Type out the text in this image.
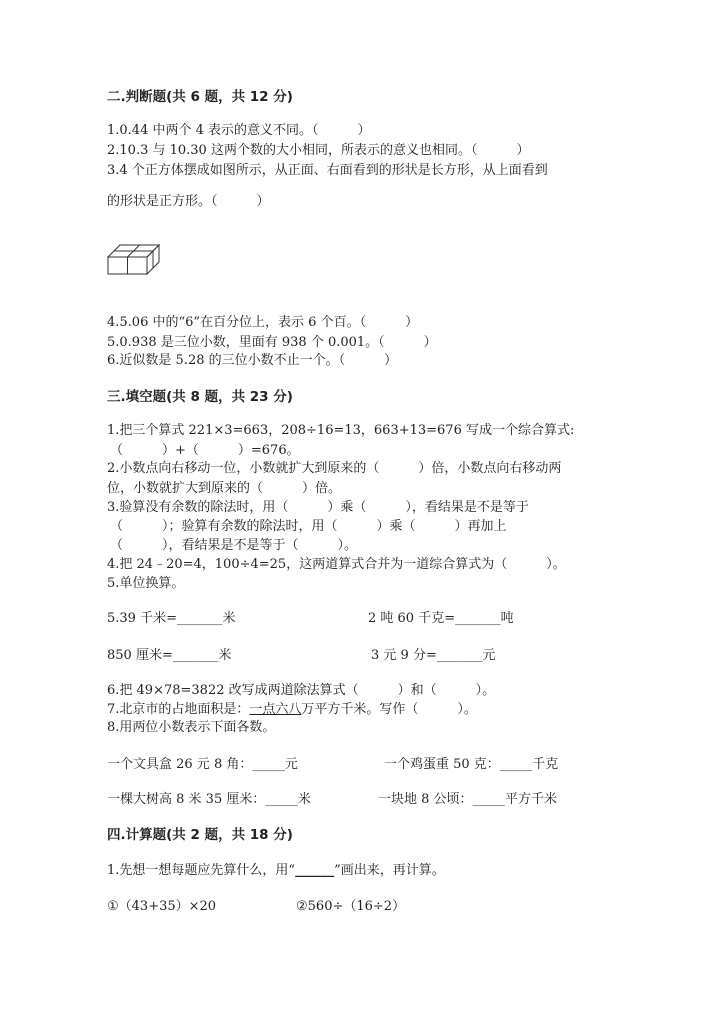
二.判断题(共 6 题，共 12 分)
1.0.44 中两个 4 表示的意义不同。（　　　）
2.10.3 与 10.30 这两个数的大小相同，所表示的意义也相同。（　　　）
3.4 个正方体摆成如图所示，从正面、右面看到的形状是长方形，从上面看到
的形状是正方形。（　　　）
4.5.06 中的“6”在百分位上，表示 6 个百。（　　　）
5.0.938 是三位小数，里面有 938 个 0.001。（　　　）
6.近似数是 5.28 的三位小数不止一个。（　　　）
三.填空题(共 8 题，共 23 分)
1.把三个算式 221×3=663，208÷16=13，663+13=676 写成一个综合算式:
（　　　）+（　　　）=676。
2.小数点向右移动一位，小数就扩大到原来的（　　　）倍，小数点向右移动两
位，小数就扩大到原来的（　　　）倍。
3.验算没有余数的除法时，用（　　　）乘（　　　），看结果是不是等于
（　　　）；验算有余数的除法时，用（　　　）乘（　　　）再加上
（　　　），看结果是不是等于（　　　）。
4.把 24﹣20=4，100÷4=25，这两道算式合并为一道综合算式为（　　　）。
5.单位换算。
5.39 千米=_______米	2 吨 60 千克=_______吨
850 厘米=_______米	3 元 9 分=_______元
6.把 49×78=3822 改写成两道除法算式（　　　）和（　　　）。
7.北京市的占地面积是：一点六八万平方千米。写作（　　　）。
8.用两位小数表示下面各数。
一个文具盒 26 元 8 角：_____元	一个鸡蛋重 50 克：_____千克
一棵大树高 8 米 35 厘米：_____米	一块地 8 公顷：_____平方千米
四.计算题(共 2 题，共 18 分)
1.先想一想每题应先算什么，用“______”画出来，再计算。
①（43+35）×20	②560÷（16÷2）
